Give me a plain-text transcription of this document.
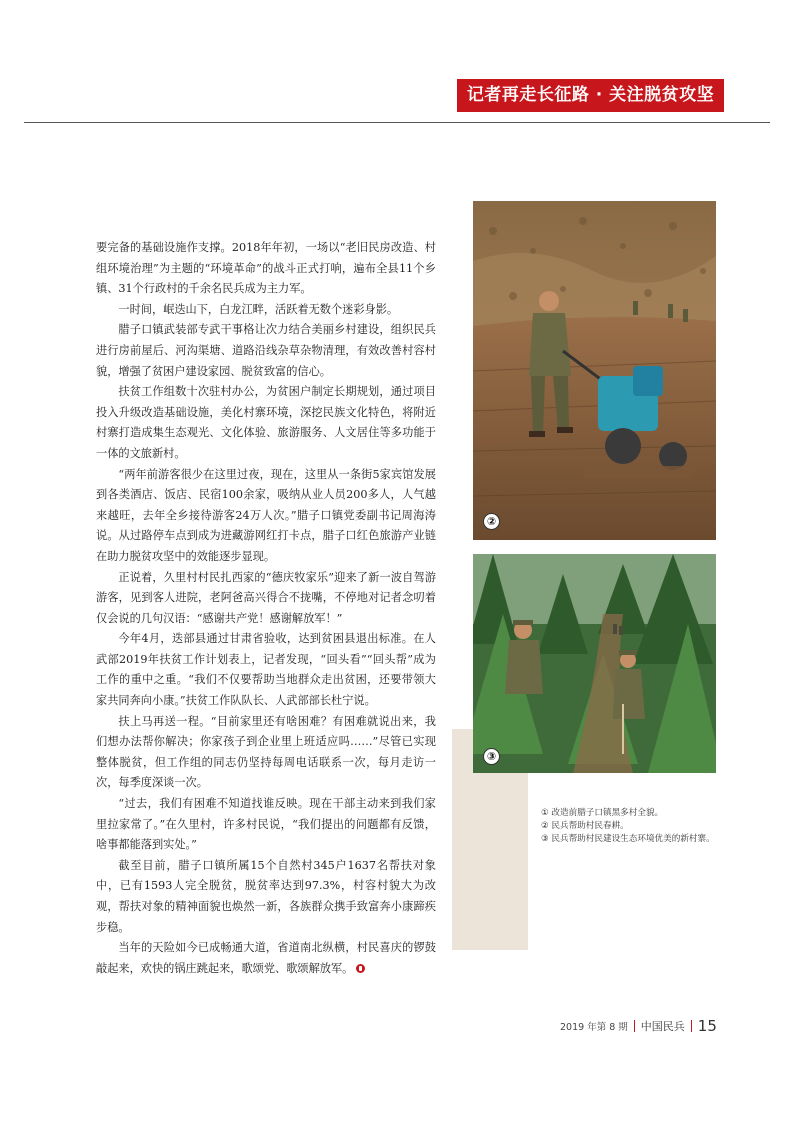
记者再走长征路 · 关注脱贫攻坚

要完备的基础设施作支撑。2018年年初，一场以“老旧民房改造、村组环境治理”为主题的“环境革命”的战斗正式打响，遍布全县11个乡镇、31个行政村的千余名民兵成为主力军。

一时间，岷迭山下，白龙江畔，活跃着无数个迷彩身影。

腊子口镇武装部专武干事格让次力结合美丽乡村建设，组织民兵进行房前屋后、河沟渠塘、道路沿线杂草杂物清理，有效改善村容村貌，增强了贫困户建设家园、脱贫致富的信心。

扶贫工作组数十次驻村办公，为贫困户制定长期规划，通过项目投入升级改造基础设施，美化村寨环境，深挖民族文化特色，将附近村寨打造成集生态观光、文化体验、旅游服务、人文居住等多功能于一体的文旅新村。

“两年前游客很少在这里过夜，现在，这里从一条街5家宾馆发展到各类酒店、饭店、民宿100余家，吸纳从业人员200多人，人气越来越旺，去年全乡接待游客24万人次。”腊子口镇党委副书记周海涛说。从过路停车点到成为进藏游网红打卡点，腊子口红色旅游产业链在助力脱贫攻坚中的效能逐步显现。

正说着，久里村村民扎西家的“德庆牧家乐”迎来了新一波自驾游游客，见到客人进院，老阿爸高兴得合不拢嘴，不停地对记者念叨着仅会说的几句汉语：“感谢共产党！感谢解放军！”

今年4月，迭部县通过甘肃省验收，达到贫困县退出标准。在人武部2019年扶贫工作计划表上，记者发现，“回头看”“回头帮”成为工作的重中之重。“我们不仅要帮助当地群众走出贫困，还要带领大家共同奔向小康。”扶贫工作队队长、人武部部长杜宁说。

扶上马再送一程。“目前家里还有啥困难？有困难就说出来，我们想办法帮你解决；你家孩子到企业里上班适应吗……”尽管已实现整体脱贫，但工作组的同志仍坚持每周电话联系一次，每月走访一次，每季度深谈一次。

“过去，我们有困难不知道找谁反映。现在干部主动来到我们家里拉家常了。”在久里村，许多村民说，“我们提出的问题都有反馈，啥事都能落到实处。”

截至目前，腊子口镇所属15个自然村345户1637名帮扶对象中，已有1593人完全脱贫，脱贫率达到97.3%，村容村貌大为改观，帮扶对象的精神面貌也焕然一新，各族群众携手致富奔小康蹄疾步稳。

当年的天险如今已成畅通大道，省道南北纵横，村民喜庆的锣鼓敲起来，欢快的锅庄跳起来，歌颂党、歌颂解放军。

②
③
① 改造前腊子口镇黑多村全貌。
② 民兵帮助村民春耕。
③ 民兵帮助村民建设生态环境优美的新村寨。
2019 年第 8 期 中国民兵 15
